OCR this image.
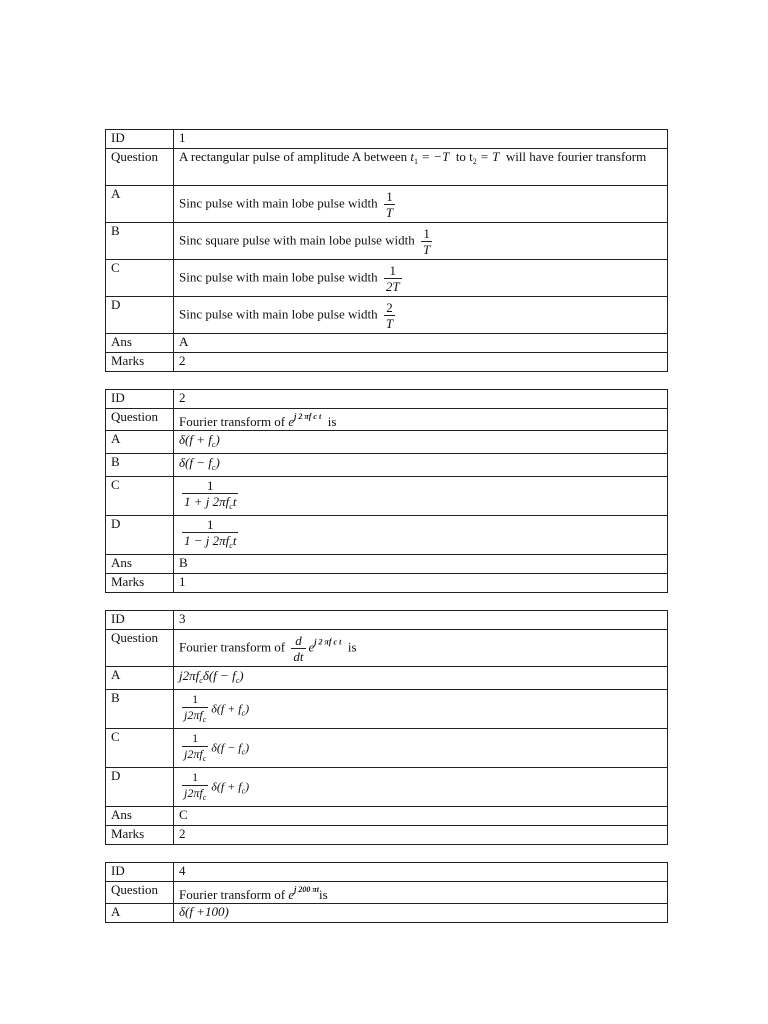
ID	1
Question	A rectangular pulse of amplitude A between $t_1 = -T$ to $t_2 = T$ will have fourier transform
A	Sinc pulse with main lobe pulse width $\frac{1}{T}$

B	Sinc square pulse with main lobe pulse width $\frac{1}{T}$

C	Sinc pulse with main lobe pulse width $\frac{1}{2T}$

D	Sinc pulse with main lobe pulse width $\frac{2}{T}$

Ans	A
Marks	2
ID	2
Question	Fourier transform of $e^{j 2 \pi f c t}$ is
A	$\delta(f + f_c)$
B	$\delta(f - f_c)$
C	$\frac{1}{1 + j 2\pi f_ct}$

D	$\frac{1}{1 - j 2\pi f_ct}$

Ans	B
Marks	1
ID	3
Question	Fourier transform of $\frac{d}{dt} e^{j 2 \pi f c t}$ is
A	$j2\pi f_c\delta(f - f_c)$
B	$\frac{1}{j2\pi f_c} \delta(f + f_c)$
C	$\frac{1}{j2\pi f_c} \delta(f - f_c)$
D	$\frac{1}{j2\pi f_c} \delta(f + f_c)$
Ans	C
Marks	2
ID	4
Question	Fourier transform of $e^{j 200 \pi t}is$
A	δ(f +100)
